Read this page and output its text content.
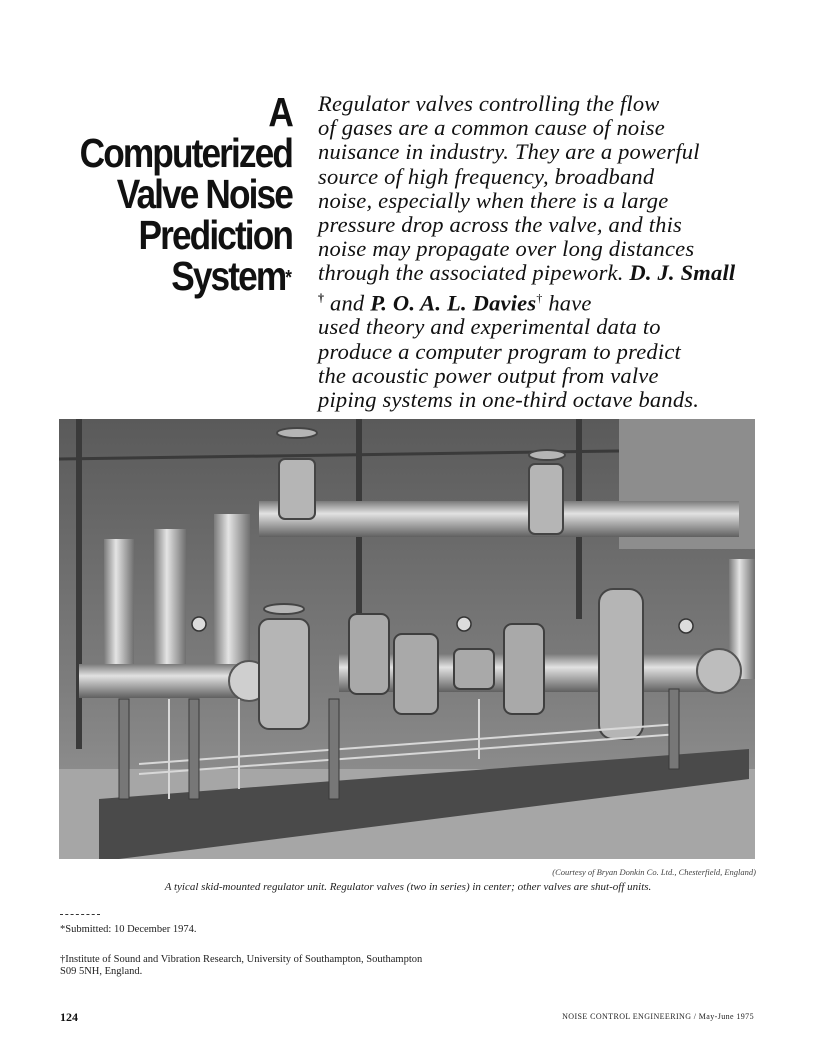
A
Computerized
Valve Noise
Prediction
System*
Regulator valves controlling the flow
of gases are a common cause of noise
nuisance in industry. They are a powerful
source of high frequency, broadband
noise, especially when there is a large
pressure drop across the valve, and this
noise may propagate over long distances
through the associated pipework. D. J. Small
† and P. O. A. L. Davies† have
used theory and experimental data to
produce a computer program to predict
the acoustic power output from valve
piping systems in one-third octave bands.
(Courtesy of Bryan Donkin Co. Ltd., Chesterfield, England)
A tyical skid-mounted regulator unit. Regulator valves (two in series) in center; other valves are shut-off units.
*Submitted: 10 December 1974.
†Institute of Sound and Vibration Research, University of Southampton, Southampton
S09 5NH, England.
124	NOISE CONTROL ENGINEERING / May-June 1975
